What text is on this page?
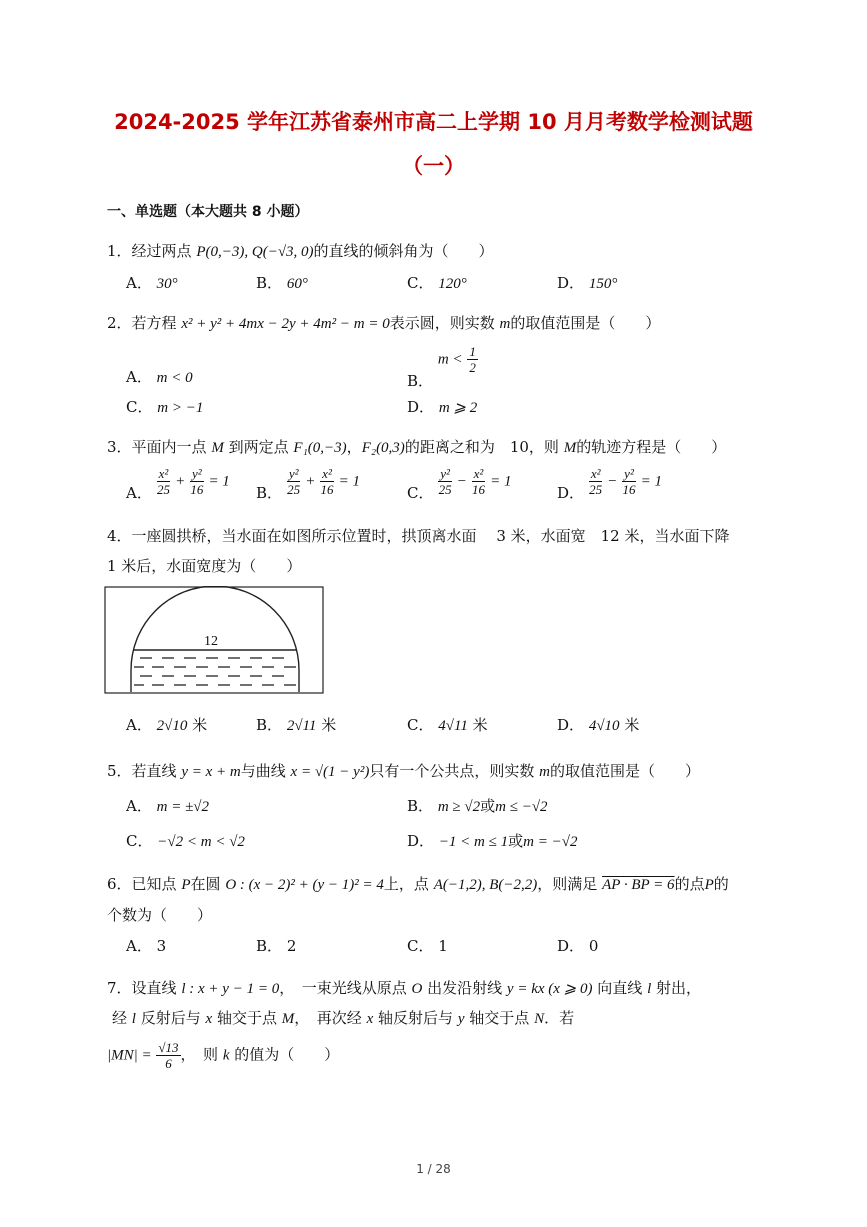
2024-2025 学年江苏省泰州市高二上学期 10 月月考数学检测试题
（一）
一、单选题（本大题共 8 小题）
1．经过两点 P(0,−3), Q(−√3, 0)的直线的倾斜角为（　　）
A． 30°	B． 60°	C． 120°	D． 150°
2．若方程 x² + y² + 4mx − 2y + 4m² − m = 0表示圆，则实数 m的取值范围是（　　）
A． m < 0	B． $m < \frac{1}{2}$
C． m > −1	D． m ⩾ 2
3．平面内一点 M 到两定点 F₁(0,−3)，F₂(0,3)的距离之和为　10，则 M的轨迹方程是（　　）
A． $\frac{\text{x²}}{25} + \frac{\text{y²}}{16} = 1$
B． $\frac{\text{y²}}{25} + \frac{\text{x²}}{16} = 1$
C． $\frac{\text{y²}}{25} - \frac{\text{x²}}{16} = 1$
D． $\frac{\text{x²}}{25} - \frac{\text{y²}}{16} = 1$
4．一座圆拱桥，当水面在如图所示位置时，拱顶离水面　 3 米，水面宽　12 米，当水面下降
1 米后，水面宽度为（　　）
12
A． 2√10 米	B． 2√11 米	C． 4√11 米	D． 4√10 米
5．若直线 y = x + m与曲线 x = √(1 − y²)只有一个公共点，则实数 m的取值范围是（　　）
A． m = ±√2	B． m ≥ √2或m ≤ −√2
C． −√2 < m < √2	D． −1 < m ≤ 1或m = −√2
6．已知点 P在圆 O : (x − 2)² + (y − 1)² = 4上，点 A(−1,2), B(−2,2)，则满足 AP · BP = 6的点P的
个数为（　　）
A． 3	B． 2	C． 1	D． 0
7．设直线 l : x + y − 1 = 0，　一束光线从原点 O 出发沿射线 y = kx (x ⩾ 0) 向直线 l 射出，
经 l 反射后与 x 轴交于点 M，　再次经 x 轴反射后与 y 轴交于点 N．若
$|MN| = \frac{√13}{6}$ ，　则 k 的值为（　　）
1 / 28
